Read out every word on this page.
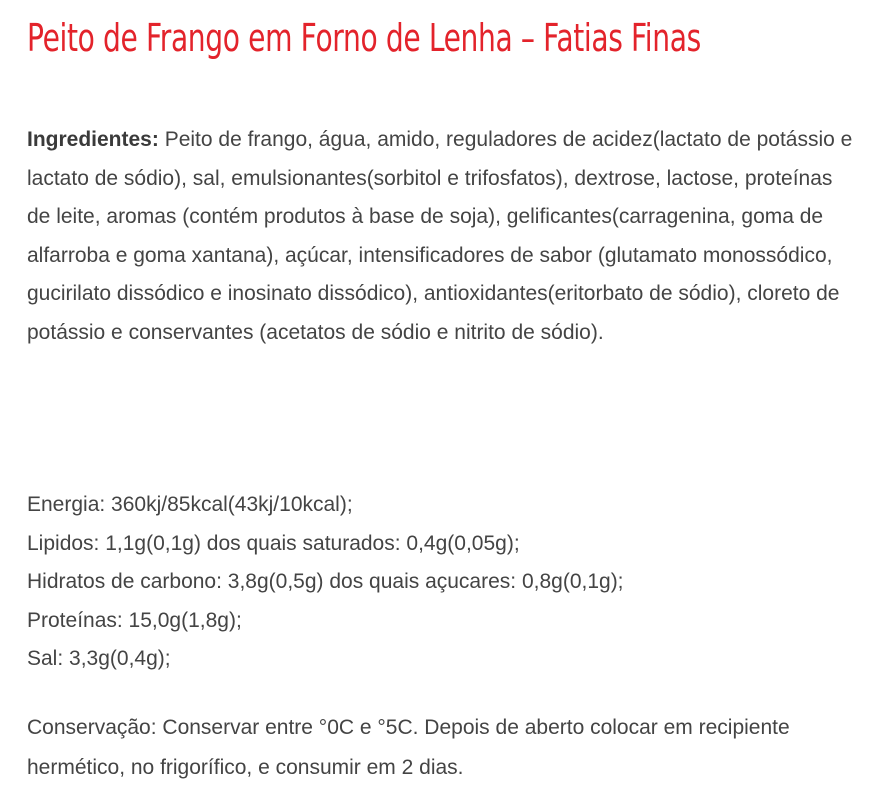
Peito de Frango em Forno de Lenha – Fatias Finas

Ingredientes: Peito de frango, água, amido, reguladores de acidez(lactato de potássio e lactato de sódio), sal, emulsionantes(sorbitol e trifosfatos), dextrose, lactose, proteínas de leite, aromas (contém produtos à base de soja), gelificantes(carragenina, goma de alfarroba e goma xantana), açúcar, intensificadores de sabor (glutamato monossódico, gucirilato dissódico e inosinato dissódico), antioxidantes(eritorbato de sódio), cloreto de potássio e conservantes (acetatos de sódio e nitrito de sódio).

Energia: 360kj/85kcal(43kj/10kcal);
Lipidos: 1,1g(0,1g) dos quais saturados: 0,4g(0,05g);
Hidratos de carbono: 3,8g(0,5g) dos quais açucares: 0,8g(0,1g);
Proteínas: 15,0g(1,8g);
Sal: 3,3g(0,4g);

Conservação: Conservar entre °0C e °5C. Depois de aberto colocar em recipiente hermético, no frigorífico, e consumir em 2 dias.
